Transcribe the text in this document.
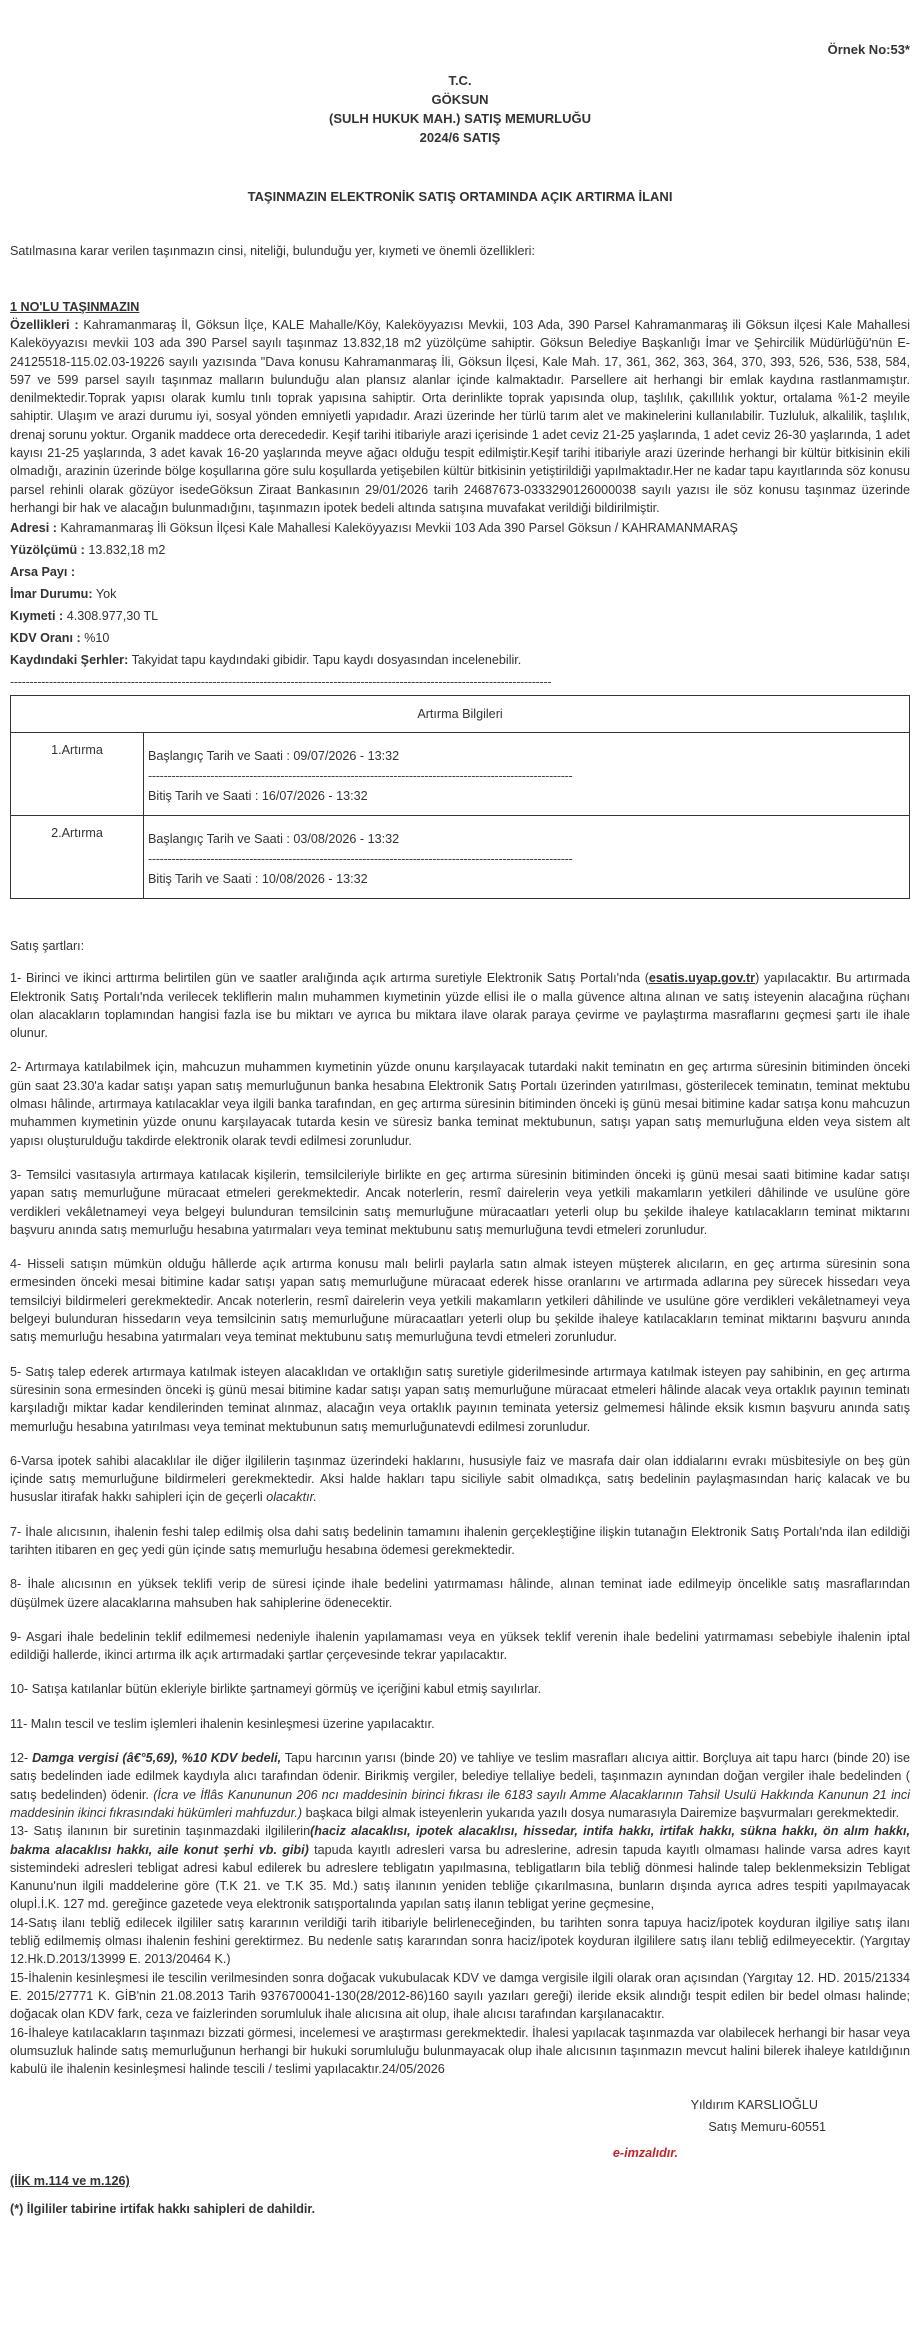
Örnek No:53*
T.C.
GÖKSUN
(SULH HUKUK MAH.) SATIŞ MEMURLUĞU
2024/6 SATIŞ
TAŞINMAZIN ELEKTRONİK SATIŞ ORTAMINDA AÇIK ARTIRMA İLANI
Satılmasına karar verilen taşınmazın cinsi, niteliği, bulunduğu yer, kıymeti ve önemli özellikleri:
1 NO'LU TAŞINMAZIN
Özellikleri : Kahramanmaraş İl, Göksun İlçe, KALE Mahalle/Köy, Kaleköyyazısı Mevkii, 103 Ada, 390 Parsel Kahramanmaraş ili Göksun ilçesi Kale Mahallesi Kaleköyyazısı mevkii 103 ada 390 Parsel sayılı taşınmaz 13.832,18 m2 yüzölçüme sahiptir. Göksun Belediye Başkanlığı İmar ve Şehircilik Müdürlüğü'nün E-24125518-115.02.03-19226 sayılı yazısında "Dava konusu Kahramanmaraş İli, Göksun İlçesi, Kale Mah. 17, 361, 362, 363, 364, 370, 393, 526, 536, 538, 584, 597 ve 599 parsel sayılı taşınmaz malların bulunduğu alan plansız alanlar içinde kalmaktadır. Parsellere ait herhangi bir emlak kaydına rastlanmamıştır. denilmektedir.Toprak yapısı olarak kumlu tınlı toprak yapısına sahiptir. Orta derinlikte toprak yapısında olup, taşlılık, çakıllılık yoktur, ortalama %1-2 meyile sahiptir. Ulaşım ve arazi durumu iyi, sosyal yönden emniyetli yapıdadır. Arazi üzerinde her türlü tarım alet ve makinelerini kullanılabilir. Tuzluluk, alkalilik, taşlılık, drenaj sorunu yoktur. Organik maddece orta derecededir. Keşif tarihi itibariyle arazi içerisinde 1 adet ceviz 21-25 yaşlarında, 1 adet ceviz 26-30 yaşlarında, 1 adet kayısı 21-25 yaşlarında, 3 adet kavak 16-20 yaşlarında meyve ağacı olduğu tespit edilmiştir.Keşif tarihi itibariyle arazi üzerinde herhangi bir kültür bitkisinin ekili olmadığı, arazinin üzerinde bölge koşullarına göre sulu koşullarda yetişebilen kültür bitkisinin yetiştirildiği yapılmaktadır.Her ne kadar tapu kayıtlarında söz konusu parsel rehinli olarak gözüyor isedeGöksun Ziraat Bankasının 29/01/2026 tarih 24687673-0333290126000038 sayılı yazısı ile söz konusu taşınmaz üzerinde herhangi bir hak ve alacağın bulunmadığını, taşınmazın ipotek bedeli altında satışına muvafakat verildiği bildirilmiştir.
Adresi : Kahramanmaraş İli Göksun İlçesi Kale Mahallesi Kaleköyyazısı Mevkii 103 Ada 390 Parsel Göksun / KAHRAMANMARAŞ
Yüzölçümü : 13.832,18 m2
Arsa Payı :
İmar Durumu: Yok
Kıymeti : 4.308.977,30 TL
KDV Oranı : %10
Kaydındaki Şerhler: Takyidat tapu kaydındaki gibidir. Tapu kaydı dosyasından incelenebilir.
-------------------------------------------------------------------------------------------------------------------------------------------
Artırma Bilgileri	
1.Artırma	Başlangıç Tarih ve Saati : 09/07/2026 - 13:32
-------------------------------------------------------------------------------------------------------------
Bitiş Tarih ve Saati : 16/07/2026 - 13:32

2.Artırma	Başlangıç Tarih ve Saati : 03/08/2026 - 13:32
-------------------------------------------------------------------------------------------------------------
Bitiş Tarih ve Saati : 10/08/2026 - 13:32
Satış şartları:
1- Birinci ve ikinci arttırma belirtilen gün ve saatler aralığında açık artırma suretiyle Elektronik Satış Portalı'nda (esatis.uyap.gov.tr) yapılacaktır. Bu artırmada Elektronik Satış Portalı'nda verilecek tekliflerin malın muhammen kıymetinin yüzde ellisi ile o malla güvence altına alınan ve satış isteyenin alacağına rüçhanı olan alacakların toplamından hangisi fazla ise bu miktarı ve ayrıca bu miktara ilave olarak paraya çevirme ve paylaştırma masraflarını geçmesi şartı ile ihale olunur.
2- Artırmaya katılabilmek için, mahcuzun muhammen kıymetinin yüzde onunu karşılayacak tutardaki nakit teminatın en geç artırma süresinin bitiminden önceki gün saat 23.30'a kadar satışı yapan satış memurluğunun banka hesabına Elektronik Satış Portalı üzerinden yatırılması, gösterilecek teminatın, teminat mektubu olması hâlinde, artırmaya katılacaklar veya ilgili banka tarafından, en geç artırma süresinin bitiminden önceki iş günü mesai bitimine kadar satışa konu mahcuzun muhammen kıymetinin yüzde onunu karşılayacak tutarda kesin ve süresiz banka teminat mektubunun, satışı yapan satış memurluğuna elden veya sistem alt yapısı oluşturulduğu takdirde elektronik olarak tevdi edilmesi zorunludur.
3- Temsilci vasıtasıyla artırmaya katılacak kişilerin, temsilcileriyle birlikte en geç artırma süresinin bitiminden önceki iş günü mesai saati bitimine kadar satışı yapan satış memurluğune müracaat etmeleri gerekmektedir. Ancak noterlerin, resmî dairelerin veya yetkili makamların yetkileri dâhilinde ve usulüne göre verdikleri vekâletnameyi veya belgeyi bulunduran temsilcinin satış memurluğune müracaatları yeterli olup bu şekilde ihaleye katılacakların teminat miktarını başvuru anında satış memurluğu hesabına yatırmaları veya teminat mektubunu satış memurluğuna tevdi etmeleri zorunludur.
4- Hisseli satışın mümkün olduğu hâllerde açık artırma konusu malı belirli paylarla satın almak isteyen müşterek alıcıların, en geç artırma süresinin sona ermesinden önceki mesai bitimine kadar satışı yapan satış memurluğune müracaat ederek hisse oranlarını ve artırmada adlarına pey sürecek hissedarı veya temsilciyi bildirmeleri gerekmektedir. Ancak noterlerin, resmî dairelerin veya yetkili makamların yetkileri dâhilinde ve usulüne göre verdikleri vekâletnameyi veya belgeyi bulunduran hissedarın veya temsilcinin satış memurluğune müracaatları yeterli olup bu şekilde ihaleye katılacakların teminat miktarını başvuru anında satış memurluğu hesabına yatırmaları veya teminat mektubunu satış memurluğuna tevdi etmeleri zorunludur.
5- Satış talep ederek artırmaya katılmak isteyen alacaklıdan ve ortaklığın satış suretiyle giderilmesinde artırmaya katılmak isteyen pay sahibinin, en geç artırma süresinin sona ermesinden önceki iş günü mesai bitimine kadar satışı yapan satış memurluğune müracaat etmeleri hâlinde alacak veya ortaklık payının teminatı karşıladığı miktar kadar kendilerinden teminat alınmaz, alacağın veya ortaklık payının teminata yetersiz gelmemesi hâlinde eksik kısmın başvuru anında satış memurluğu hesabına yatırılması veya teminat mektubunun satış memurluğunatevdi edilmesi zorunludur.
6-Varsa ipotek sahibi alacaklılar ile diğer ilgililerin taşınmaz üzerindeki haklarını, hususiyle faiz ve masrafa dair olan iddialarını evrakı müsbitesiyle on beş gün içinde satış memurluğune bildirmeleri gerekmektedir. Aksi halde hakları tapu siciliyle sabit olmadıkça, satış bedelinin paylaşmasından hariç kalacak ve bu hususlar itirafak hakkı sahipleri için de geçerli olacaktır.
7- İhale alıcısının, ihalenin feshi talep edilmiş olsa dahi satış bedelinin tamamını ihalenin gerçekleştiğine ilişkin tutanağın Elektronik Satış Portalı'nda ilan edildiği tarihten itibaren en geç yedi gün içinde satış memurluğu hesabına ödemesi gerekmektedir.
8- İhale alıcısının en yüksek teklifi verip de süresi içinde ihale bedelini yatırmaması hâlinde, alınan teminat iade edilmeyip öncelikle satış masraflarından düşülmek üzere alacaklarına mahsuben hak sahiplerine ödenecektir.
9- Asgari ihale bedelinin teklif edilmemesi nedeniyle ihalenin yapılamaması veya en yüksek teklif verenin ihale bedelini yatırmaması sebebiyle ihalenin iptal edildiği hallerde, ikinci artırma ilk açık artırmadaki şartlar çerçevesinde tekrar yapılacaktır.
10- Satışa katılanlar bütün ekleriyle birlikte şartnameyi görmüş ve içeriğini kabul etmiş sayılırlar.
11- Malın tescil ve teslim işlemleri ihalenin kesinleşmesi üzerine yapılacaktır.
12- Damga vergisi (â€°5,69), %10 KDV bedeli, Tapu harcının yarısı (binde 20) ve tahliye ve teslim masrafları alıcıya aittir. Borçluya ait tapu harcı (binde 20) ise satış bedelinden iade edilmek kaydıyla alıcı tarafından ödenir. Birikmiş vergiler, belediye tellaliye bedeli, taşınmazın aynından doğan vergiler ihale bedelinden ( satış bedelinden) ödenir. (İcra ve İflâs Kanununun 206 ncı maddesinin birinci fıkrası ile 6183 sayılı Amme Alacaklarının Tahsil Usulü Hakkında Kanunun 21 inci maddesinin ikinci fıkrasındaki hükümleri mahfuzdur.) başkaca bilgi almak isteyenlerin yukarıda yazılı dosya numarasıyla Dairemize başvurmaları gerekmektedir.
13- Satış ilanının bir suretinin taşınmazdaki ilgililerin(haciz alacaklısı, ipotek alacaklısı, hissedar, intifa hakkı, irtifak hakkı, sükna hakkı, ön alım hakkı, bakma alacaklısı hakkı, aile konut şerhi vb. gibi) tapuda kayıtlı adresleri varsa bu adreslerine, adresin tapuda kayıtlı olmaması halinde varsa adres kayıt sistemindeki adresleri tebligat adresi kabul edilerek bu adreslere tebligatın yapılmasına, tebligatların bila tebliğ dönmesi halinde talep beklenmeksizin Tebligat Kanunu'nun ilgili maddelerine göre (T.K 21. ve T.K 35. Md.) satış ilanının yeniden tebliğe çıkarılmasına, bunların dışında ayrıca adres tespiti yapılmayacak olupİ.İ.K. 127 md. gereğince gazetede veya elektronik satışportalında yapılan satış ilanın tebligat yerine geçmesine,
14-Satış ilanı tebliğ edilecek ilgililer satış kararının verildiği tarih itibariyle belirleneceğinden, bu tarihten sonra tapuya haciz/ipotek koyduran ilgiliye satış ilanı tebliğ edilmemiş olması ihalenin feshini gerektirmez. Bu nedenle satış kararından sonra haciz/ipotek koyduran ilgililere satış ilanı tebliğ edilmeyecektir. (Yargıtay 12.Hk.D.2013/13999 E. 2013/20464 K.)
15-İhalenin kesinleşmesi ile tescilin verilmesinden sonra doğacak vukubulacak KDV ve damga vergisile ilgili olarak oran açısından (Yargıtay 12. HD. 2015/21334 E. 2015/27771 K. GİB'nin 21.08.2013 Tarih 9376700041-130(28/2012-86)160 sayılı yazıları gereği) ileride eksik alındığı tespit edilen bir bedel olması halinde; doğacak olan KDV fark, ceza ve faizlerinden sorumluluk ihale alıcısına ait olup, ihale alıcısı tarafından karşılanacaktır.
16-İhaleye katılacakların taşınmazı bizzati görmesi, incelemesi ve araştırması gerekmektedir. İhalesi yapılacak taşınmazda var olabilecek herhangi bir hasar veya olumsuzluk halinde satış memurluğunun herhangi bir hukuki sorumluluğu bulunmayacak olup ihale alıcısının taşınmazın mevcut halini bilerek ihaleye katıldığının kabulü ile ihalenin kesinleşmesi halinde tescili / teslimi yapılacaktır.24/05/2026
Yıldırım KARSLIOĞLU
Satış Memuru-60551
e-imzalıdır.
(İİK m.114 ve m.126)
(*) İlgililer tabirine irtifak hakkı sahipleri de dahildir.
